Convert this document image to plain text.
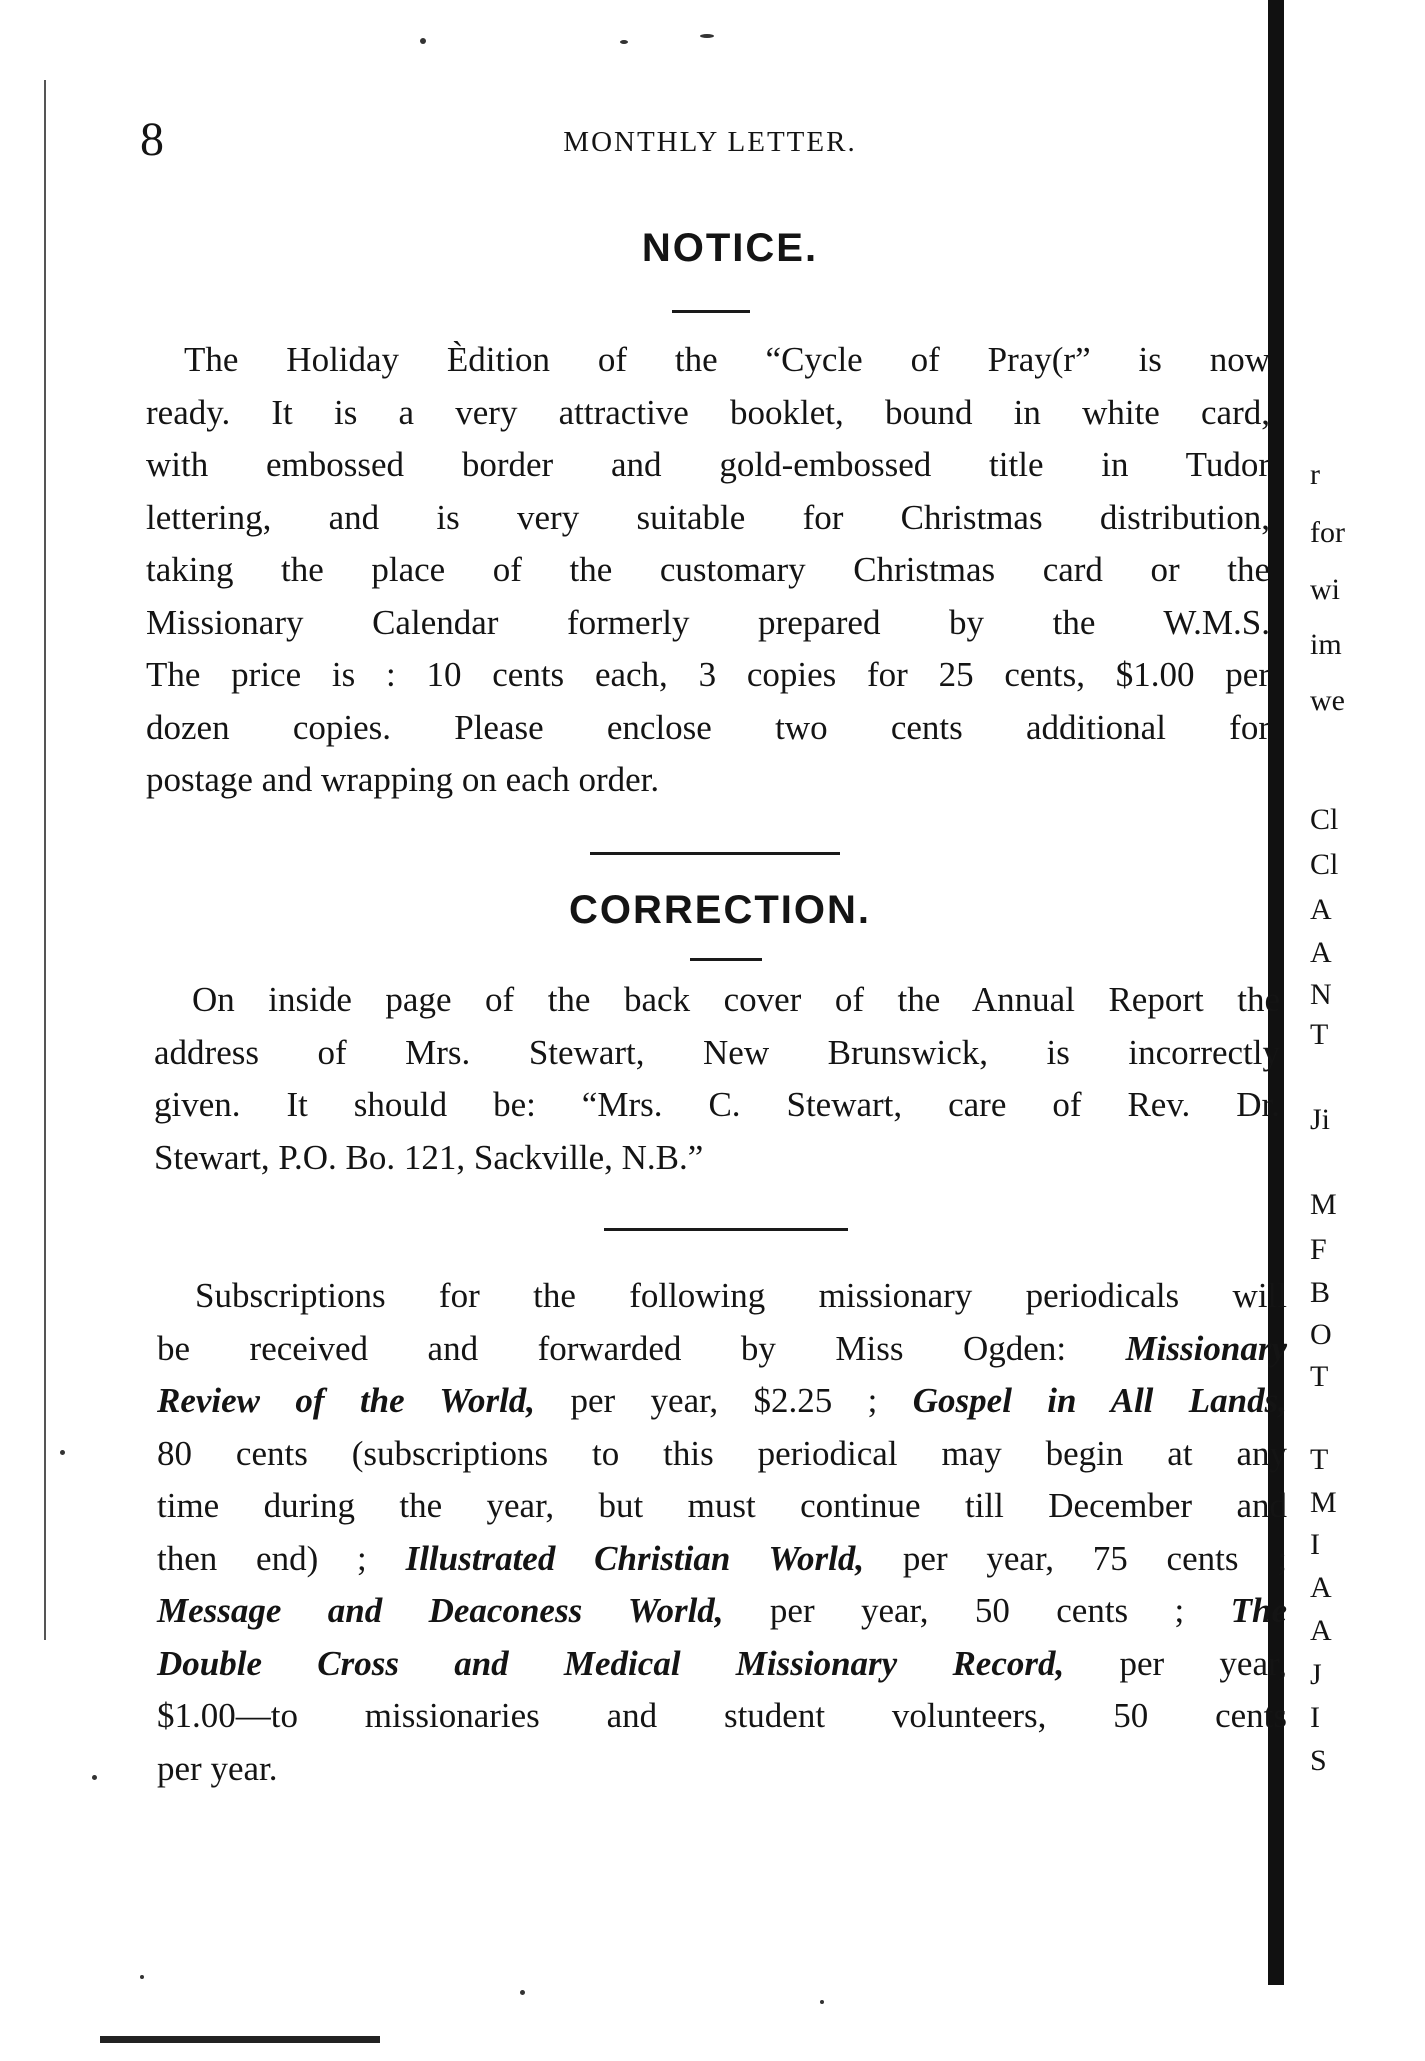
8	MONTHLY LETTER.
NOTICE.
The Holiday Èdition of the “Cycle of Pray(r” is now
ready. It is a very attractive booklet, bound in white card,
with embossed border and gold-embossed title in Tudor
lettering, and is very suitable for Christmas distribution,
taking the place of the customary Christmas card or the
Missionary Calendar formerly prepared by the W.M.S.
The price is : 10 cents each, 3 copies for 25 cents, $1.00 per
dozen copies. Please enclose two cents additional for
postage and wrapping on each order.
CORRECTION.
On inside page of the back cover of the Annual Report the
address of Mrs. Stewart, New Brunswick, is incorrectly
given. It should be: “Mrs. C. Stewart, care of Rev. Dr.
Stewart, P.O. Bo. 121, Sackville, N.B.”
Subscriptions for the following missionary periodicals will
be received and forwarded by Miss Ogden: Missionary
Review of the World, per year, $2.25 ; Gospel in All Lands,
80 cents (subscriptions to this periodical may begin at any
time during the year, but must continue till December and
then end) ; Illustrated Christian World, per year, 75 cents ;
Message and Deaconess World, per year, 50 cents ; The
Double Cross and Medical Missionary Record, per year,
$1.00—to missionaries and student volunteers, 50 cents
per year.
r
for
wi
im
we
Cl
Cl
A
A
N
T
Ji
M
F
B
O
T
T
M
I
A
A
J
I
S
